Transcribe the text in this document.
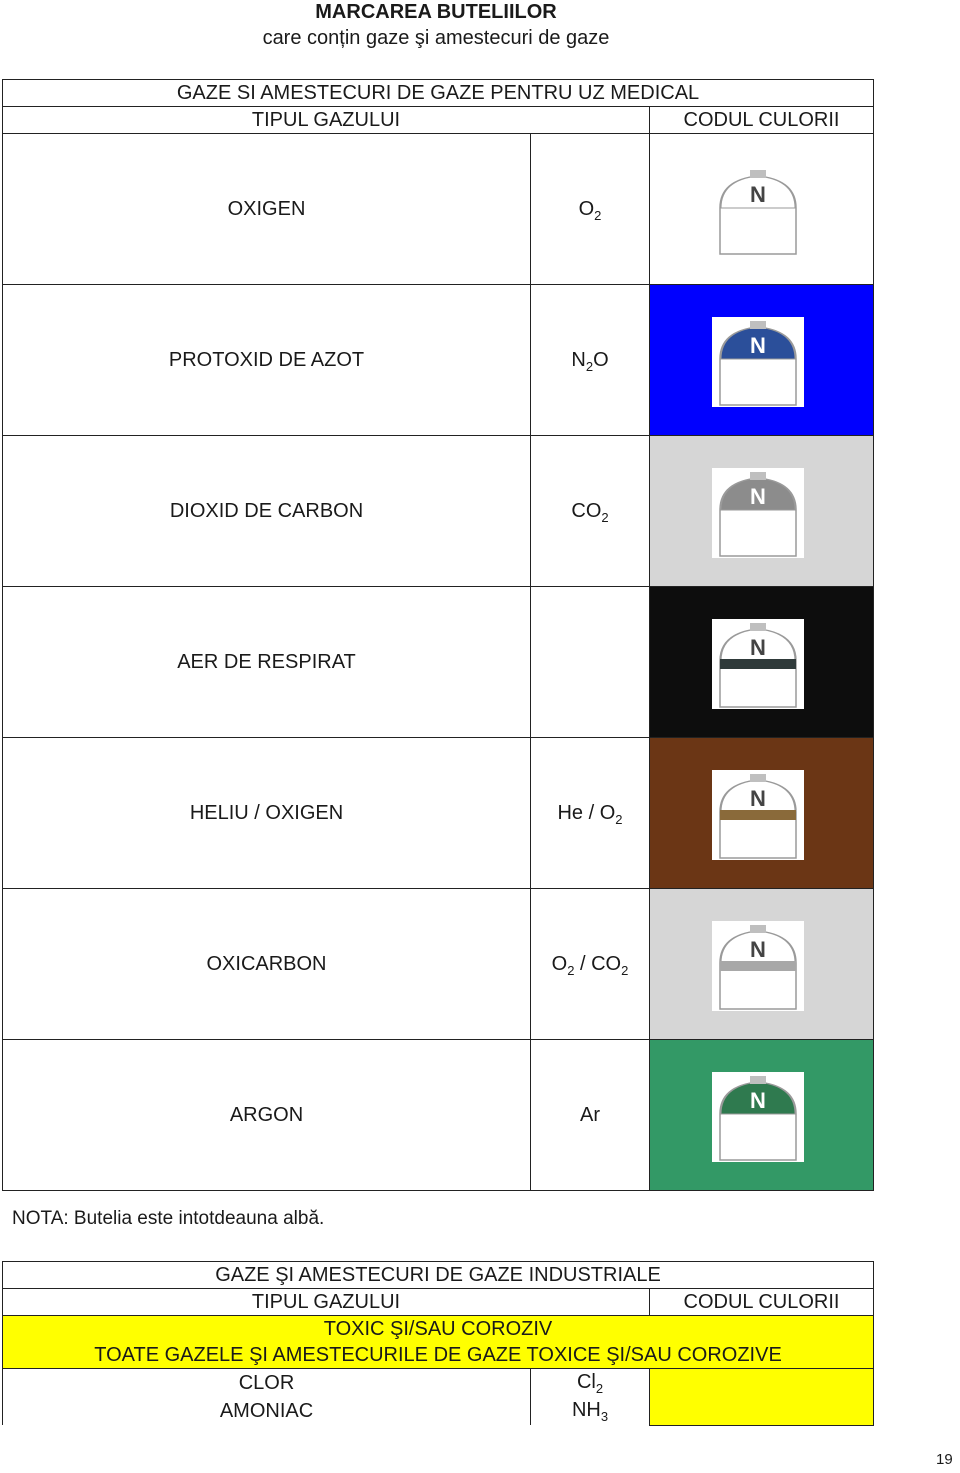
MARCAREA BUTELIILOR
care conțin gaze şi amestecuri de gaze
GAZE SI AMESTECURI DE GAZE PENTRU UZ MEDICAL		
TIPUL GAZULUI		CODUL CULORII
OXIGEN	$O_2$	N

PROTOXID DE AZOT	$N_2O$	N

DIOXID DE CARBON	$CO_2$	N

AER DE RESPIRAT		N

HELIU / OXIGEN	He / $O_2$	N

OXICARBON	$O_2 / CO_2$	N

ARGON	Ar	N
NOTA: Butelia este intotdeauna albă.
GAZE ŞI AMESTECURI DE GAZE INDUSTRIALE		
TIPUL GAZULUI		CODUL CULORII
TOXIC ŞI/SAU COROZIV		
TOATE GAZELE ŞI AMESTECURILE DE GAZE TOXICE ŞI/SAU COROZIVE		
CLOR	$Cl_2$	
AMONIAC	$NH_3$
19
